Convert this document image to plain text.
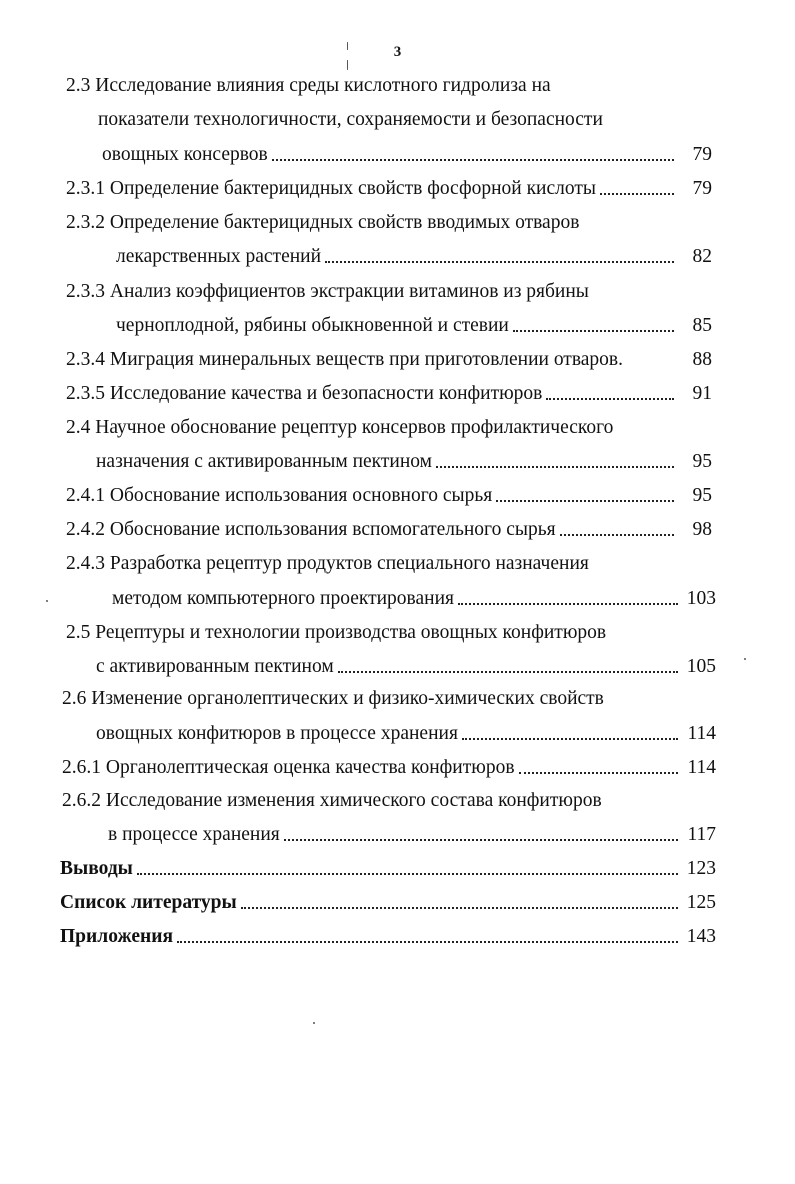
3
2.3 Исследование влияния среды кислотного гидролиза на
показатели технологичности, сохраняемости и безопасности
овощных консервов	79
2.3.1 Определение бактерицидных свойств фосфорной кислоты	79
2.3.2 Определение бактерицидных свойств вводимых отваров
лекарственных растений	82
2.3.3 Анализ коэффициентов экстракции витаминов из рябины
черноплодной, рябины обыкновенной и стевии	85
2.3.4 Миграция минеральных веществ при приготовлении отваров.	88
2.3.5 Исследование качества и безопасности конфитюров	91
2.4 Научное обоснование рецептур консервов профилактического
назначения с активированным пектином	95
2.4.1 Обоснование использования основного сырья	95
2.4.2 Обоснование использования вспомогательного сырья	98
2.4.3 Разработка рецептур продуктов специального назначения
методом компьютерного проектирования	103
2.5 Рецептуры и технологии производства овощных конфитюров
с активированным пектином	105
2.6 Изменение органолептических и физико-химических свойств
овощных конфитюров в процессе хранения	114
2.6.1 Органолептическая оценка качества конфитюров	114
2.6.2 Исследование изменения химического состава конфитюров
в процессе хранения	117
Выводы	123
Список литературы	125
Приложения	143
